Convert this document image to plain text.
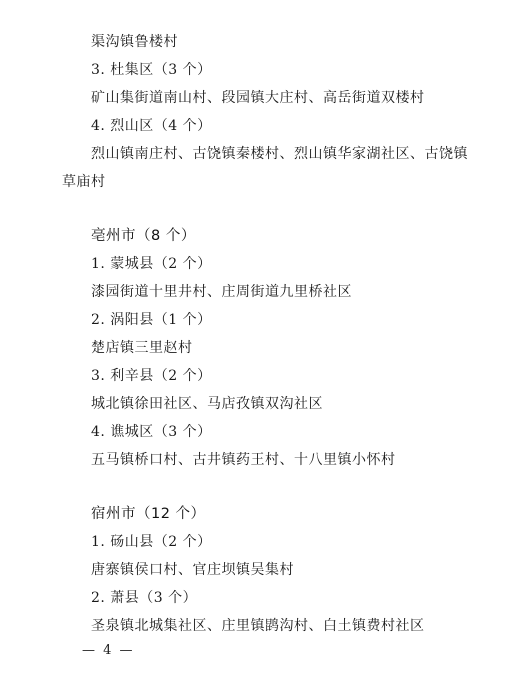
渠沟镇鲁楼村
3. 杜集区（3 个）
矿山集街道南山村、段园镇大庄村、高岳街道双楼村
4. 烈山区（4 个）
烈山镇南庄村、古饶镇秦楼村、烈山镇华家湖社区、古饶镇
草庙村
亳州市（8 个）
1. 蒙城县（2 个）
漆园街道十里井村、庄周街道九里桥社区
2. 涡阳县（1 个）
楚店镇三里赵村
3. 利辛县（2 个）
城北镇徐田社区、马店孜镇双沟社区
4. 谯城区（3 个）
五马镇桥口村、古井镇药王村、十八里镇小怀村
宿州市（12 个）
1. 砀山县（2 个）
唐寨镇侯口村、官庄坝镇吴集村
2. 萧县（3 个）
圣泉镇北城集社区、庄里镇鹍沟村、白土镇费村社区
— 4 —
